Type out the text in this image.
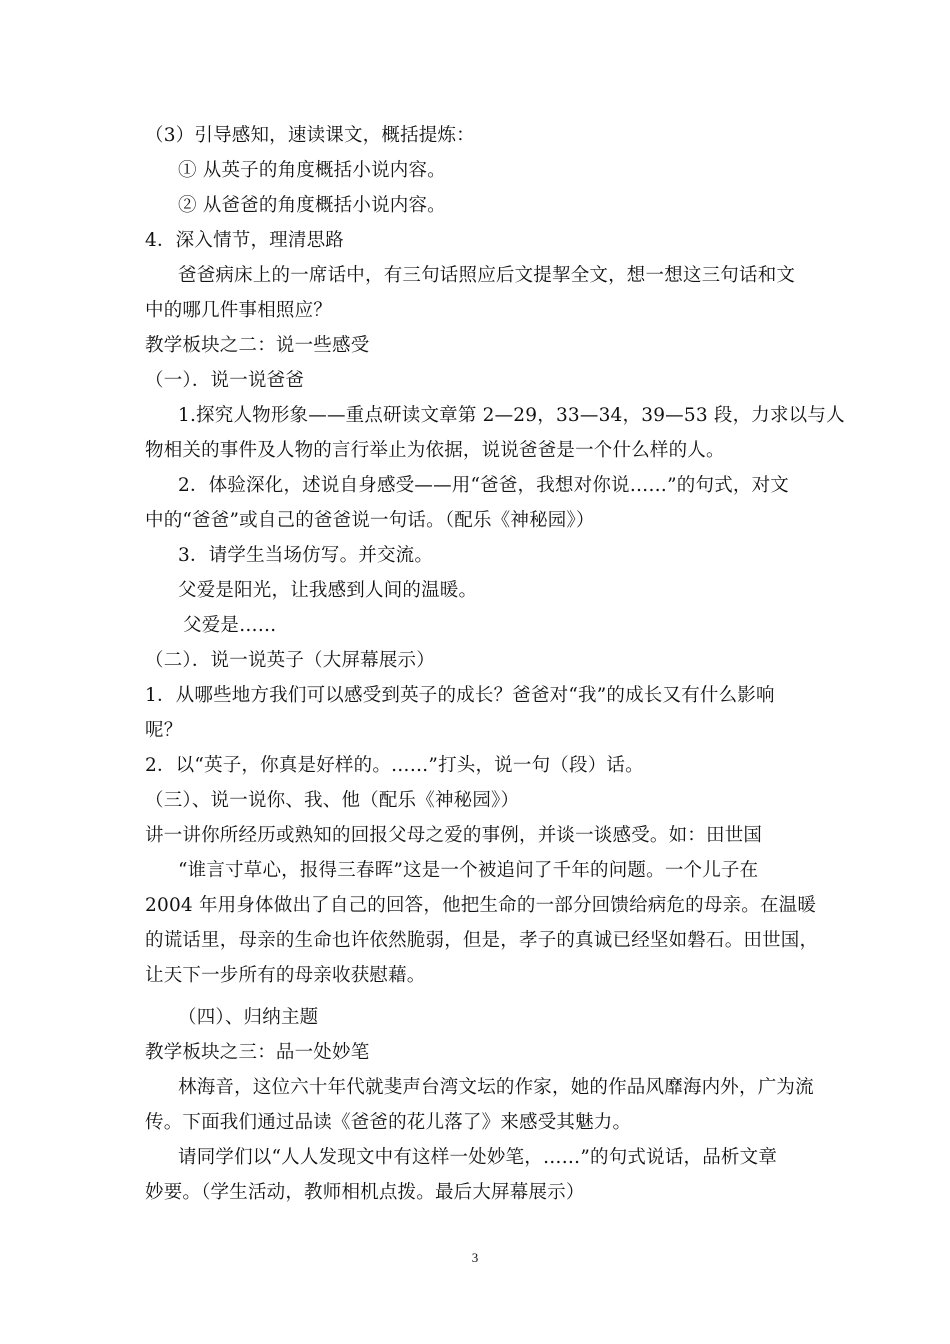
（3）引导感知，速读课文，概括提炼：
① 从英子的角度概括小说内容。
② 从爸爸的角度概括小说内容。
4．深入情节，理清思路
爸爸病床上的一席话中，有三句话照应后文提挈全文，想一想这三句话和文
中的哪几件事相照应？
教学板块之二：说一些感受
（一）．说一说爸爸
1.探究人物形象——重点研读文章第 2—29，33—34，39—53 段，力求以与人
物相关的事件及人物的言行举止为依据，说说爸爸是一个什么样的人。
2．体验深化，述说自身感受——用“爸爸，我想对你说……”的句式，对文
中的“爸爸”或自己的爸爸说一句话。（配乐《神秘园》）
3．请学生当场仿写。并交流。
父爱是阳光，让我感到人间的温暖。
父爱是……
（二）．说一说英子（大屏幕展示）
1．从哪些地方我们可以感受到英子的成长？爸爸对“我”的成长又有什么影响
呢？
2．以“英子，你真是好样的。……”打头，说一句（段）话。
（三）、说一说你、我、他（配乐《神秘园》）
讲一讲你所经历或熟知的回报父母之爱的事例，并谈一谈感受。如：田世国
“谁言寸草心，报得三春晖”这是一个被追问了千年的问题。一个儿子在
2004 年用身体做出了自己的回答，他把生命的一部分回馈给病危的母亲。在温暖
的谎话里，母亲的生命也许依然脆弱，但是，孝子的真诚已经坚如磐石。田世国，
让天下一步所有的母亲收获慰藉。
（四）、归纳主题
教学板块之三：品一处妙笔
林海音，这位六十年代就斐声台湾文坛的作家，她的作品风靡海内外，广为流
传。下面我们通过品读《爸爸的花儿落了》来感受其魅力。
请同学们以“人人发现文中有这样一处妙笔，……”的句式说话，品析文章
妙要。（学生活动，教师相机点拨。最后大屏幕展示）
3
